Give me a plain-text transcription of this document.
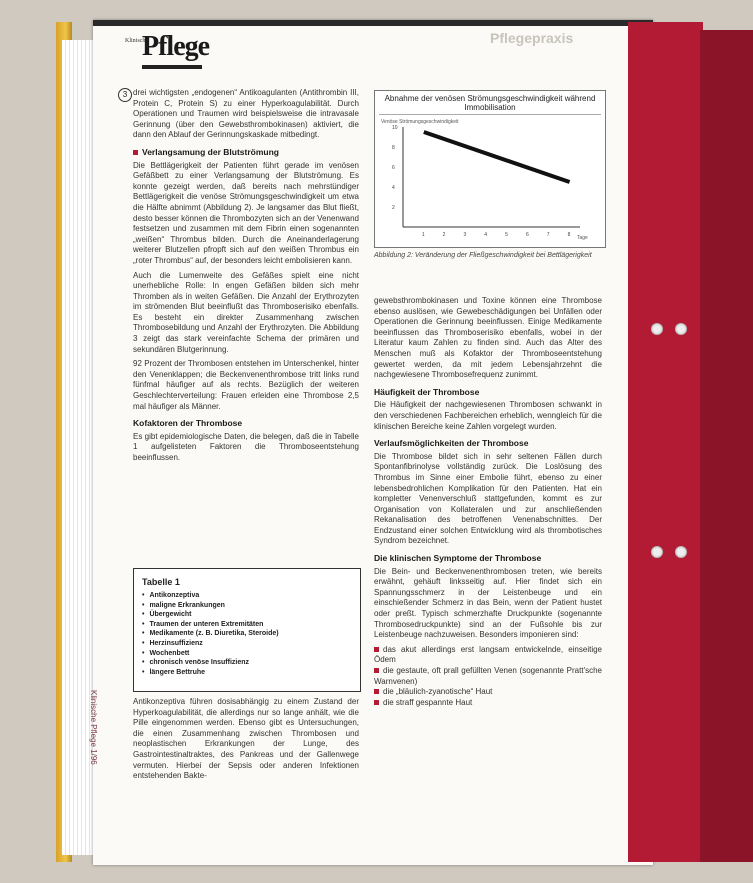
Klinische
Pflege	Pflegepraxis
3 drei wichtigsten „endogenen“ Antikoagulanten (Antithrombin III, Protein C, Protein S) zu einer Hyperkoagulabilität. Durch Operationen und Traumen wird beispielsweise die intravasale Gerinnung (über den Gewebsthrombokinasen) aktiviert, die dann den Ablauf der Gerinnungskaskade mitbedingt.

Verlangsamung der Blutströmung

Die Bettlägerigkeit der Patienten führt gerade im venösen Gefäßbett zu einer Verlangsamung der Blutströmung. Es konnte gezeigt werden, daß bereits nach mehrstündiger Bettlägerigkeit die venöse Strömungsgeschwindigkeit um etwa die Hälfte abnimmt (Abbildung 2). Je langsamer das Blut fließt, desto besser können die Thrombozyten sich an der Venenwand festsetzen und zusammen mit dem Fibrin einen sogenannten „weißen“ Thrombus bilden. Durch die Aneinanderlagerung weiterer Blutzellen pfropft sich auf den weißen Thrombus ein „roter Thrombus“ auf, der besonders leicht embolisieren kann.

Auch die Lumenweite des Gefäßes spielt eine nicht unerhebliche Rolle: In engen Gefäßen bilden sich mehr Thromben als in weiten Gefäßen. Die Anzahl der Erythrozyten im strömenden Blut beeinflußt das Thromboserisiko ebenfalls. Es besteht ein direkter Zusammenhang zwischen Thrombosebildung und Anzahl der Erythrozyten. Die Abbildung 3 zeigt das stark vereinfachte Schema der primären und sekundären Blutgerinnung.

92 Prozent der Thrombosen entstehen im Unterschenkel, hinter den Venenklappen; die Beckenvenenthrombose tritt links rund fünfmal häufiger auf als rechts. Bezüglich der weiteren Geschlechterverteilung: Frauen erleiden eine Thrombose 2,5 mal häufiger als Männer.

Kofaktoren der Thrombose

Es gibt epidemiologische Daten, die belegen, daß die in Tabelle 1 aufgelisteten Faktoren die Thromboseentstehung beeinflussen.

Tabelle 1
• Antikonzeptiva
• maligne Erkrankungen
• Übergewicht
• Traumen der unteren Extremitäten
• Medikamente (z. B. Diuretika, Steroide)
• Herzinsuffizienz
• Wochenbett
• chronisch venöse Insuffizienz
• längere Bettruhe

Antikonzeptiva führen dosisabhängig zu einem Zustand der Hyperkoagulabilität, die allerdings nur so lange anhält, wie die Pille eingenommen werden. Ebenso gibt es Untersuchungen, die einen Zusammenhang zwischen Thrombosen und neoplastischen Erkrankungen der Lunge, des Gastrointestinaltraktes, des Pankreas und der Gallenwege vermuten. Hierbei der Sepsis oder anderen Infektionen entstehenden Bakte-

Klinische Pflege 1/96
Abnahme der venösen Strömungsgeschwindigkeit während Immobilisation
Venöse Strömungsgeschwindigkeit
Tage
10
8
6
4
2
1	2	3	4	5	6	7	8
Abbildung 2: Veränderung der Fließgeschwindigkeit bei Bettlägerigkeit

gewebsthrombokinasen und Toxine können eine Thrombose ebenso auslösen, wie Gewebeschädigungen bei Unfällen oder Operationen die Gerinnung beeinflussen. Einige Medikamente beeinflussen das Thromboserisiko ebenfalls, wobei in der Literatur kaum Zahlen zu finden sind. Auch das Alter des Menschen muß als Kofaktor der Thromboseentstehung gewertet werden, da mit jedem Lebensjahrzehnt die nachgewiesene Thrombosefrequenz zunimmt.

Häufigkeit der Thrombose

Die Häufigkeit der nachgewiesenen Thrombosen schwankt in den verschiedenen Fachbereichen erheblich, wenngleich für die klinischen Bereiche keine Zahlen vorgelegt wurden.

Verlaufsmöglichkeiten der Thrombose

Die Thrombose bildet sich in sehr seltenen Fällen durch Spontanfibrinolyse vollständig zurück. Die Loslösung des Thrombus im Sinne einer Embolie führt, ebenso zu einer lebensbedrohlichen Komplikation für den Patienten. Hat ein kompletter Venenverschluß stattgefunden, kommt es zur Organisation von Kollateralen und zur anschließenden Rekanalisation des betroffenen Venenabschnittes. Der Endzustand einer solchen Entwicklung wird als thrombotisches Syndrom bezeichnet.

Die klinischen Symptome der Thrombose

Die Bein- und Beckenvenenthrombosen treten, wie bereits erwähnt, gehäuft linksseitig auf. Hier findet sich ein Spannungsschmerz in der Leistenbeuge und ein einschießender Schmerz in das Bein, wenn der Patient hustet oder preßt. Typisch schmerzhafte Druckpunkte (sogenannte Thrombosedruckpunkte) sind an der Fußsohle bis zur Leistenbeuge nachzuweisen. Besonders imponieren sind:

das akut allerdings erst langsam entwickelnde, einseitige Ödem
die gestaute, oft prall gefüllten Venen (sogenannte Pratt'sche Warnvenen)
die „bläulich-zyanotische“ Haut
die straff gespannte Haut
